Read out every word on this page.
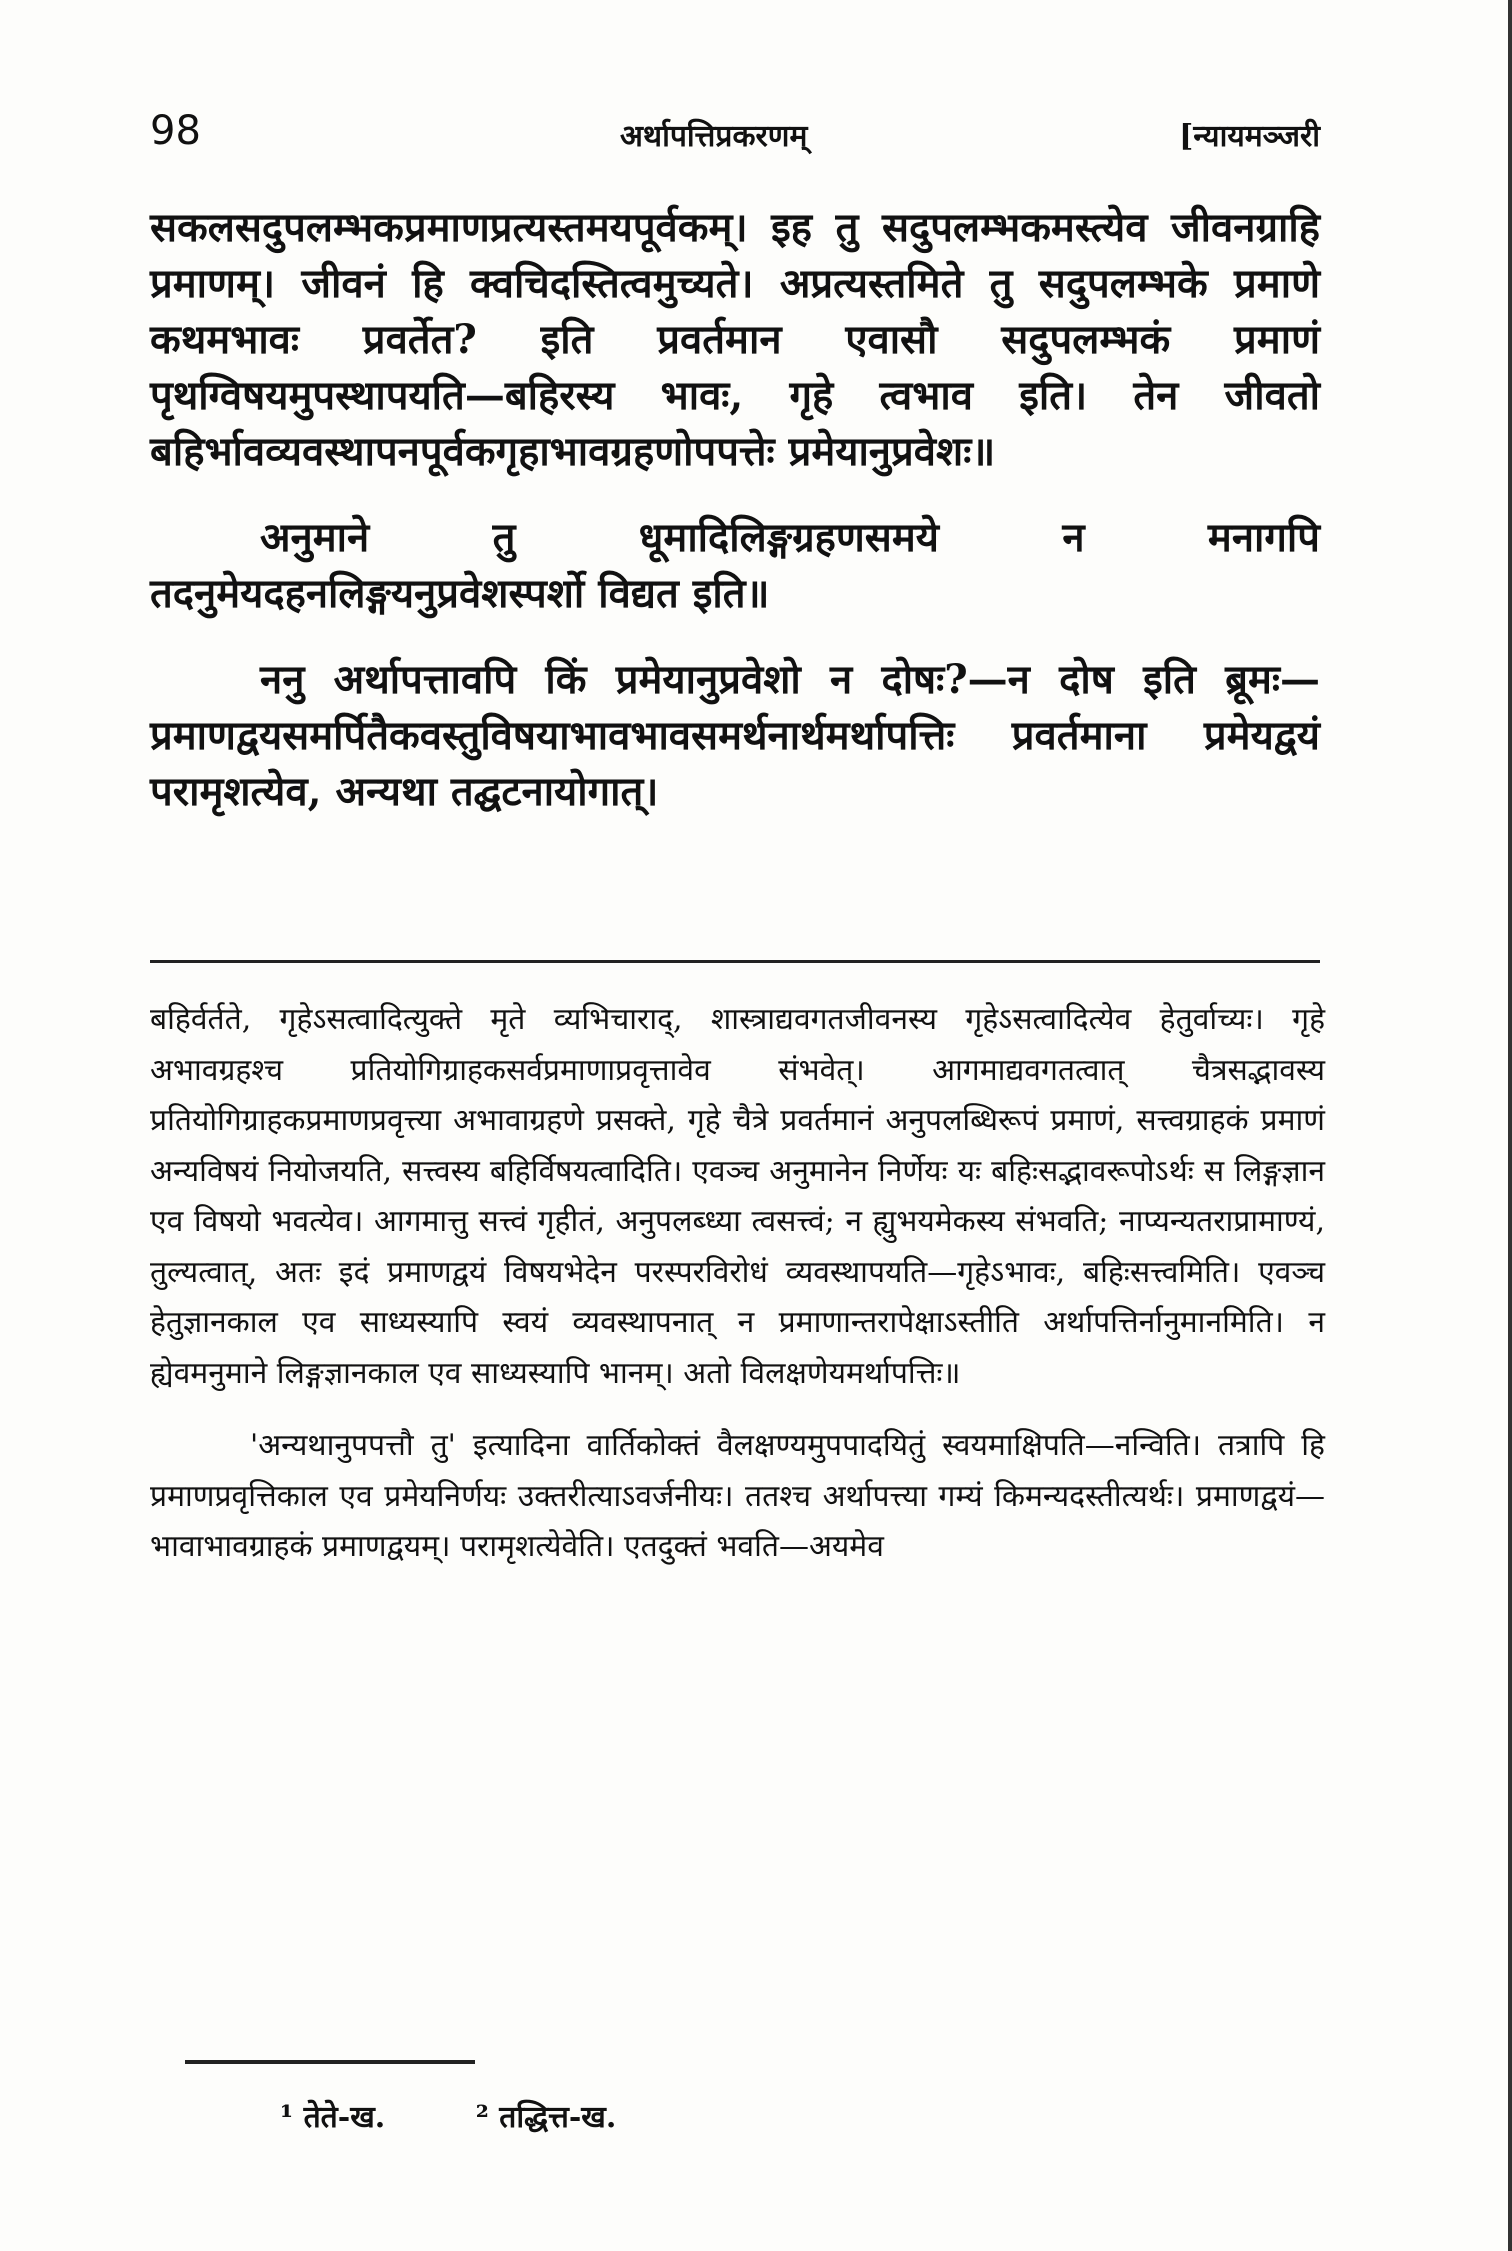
98	अर्थापत्तिप्रकरणम्	[न्यायमञ्जरी

सकलसदुपलम्भकप्रमाणप्रत्यस्तमयपूर्वकम्। इह तु सदुपलम्भकमस्त्येव जीवनग्राहि प्रमाणम्। जीवनं हि क्वचिदस्तित्वमुच्यते। अप्रत्यस्तमिते तु सदुपलम्भके प्रमाणे कथमभावः प्रवर्तेत? इति प्रवर्तमान एवासौ सदुपलम्भकं प्रमाणं पृथग्विषयमुपस्थापयति—बहिरस्य भावः, गृहे त्वभाव इति। तेन जीवतो बहिर्भावव्यवस्थापनपूर्वकगृहाभावग्रहणोपपत्तेः प्रमेयानुप्रवेशः॥

अनुमाने तु धूमादिलिङ्गग्रहणसमये न मनागपि तदनुमेयदहनलिङ्गयनुप्रवेशस्पर्शो विद्यत इति॥

ननु अर्थापत्तावपि किं प्रमेयानुप्रवेशो न दोषः?—न दोष इति ब्रूमः—प्रमाणद्वयसमर्पितैकवस्तुविषयाभावभावसमर्थनार्थमर्थापत्तिः प्रवर्तमाना प्रमेयद्वयं परामृशत्येव, अन्यथा तद्घटनायोगात्।

बहिर्वर्तते, गृहेऽसत्वादित्युक्ते मृते व्यभिचाराद्, शास्त्राद्यवगतजीवनस्य गृहेऽसत्वादित्येव हेतुर्वाच्यः। गृहे अभावग्रहश्च प्रतियोगिग्राहकसर्वप्रमाणाप्रवृत्तावेव संभवेत्। आगमाद्यवगतत्वात् चैत्रसद्भावस्य प्रतियोगिग्राहकप्रमाणप्रवृत्त्या अभावाग्रहणे प्रसक्ते, गृहे चैत्रे प्रवर्तमानं अनुपलब्धिरूपं प्रमाणं, सत्त्वग्राहकं प्रमाणं अन्यविषयं नियोजयति, सत्त्वस्य बहिर्विषयत्वादिति। एवञ्च अनुमानेन निर्णेयः यः बहिःसद्भावरूपोऽर्थः स लिङ्गज्ञान एव विषयो भवत्येव। आगमात्तु सत्त्वं गृहीतं, अनुपलब्ध्या त्वसत्त्वं; न ह्युभयमेकस्य संभवति; नाप्यन्यतराप्रामाण्यं, तुल्यत्वात्, अतः इदं प्रमाणद्वयं विषयभेदेन परस्परविरोधं व्यवस्थापयति—गृहेऽभावः, बहिःसत्त्वमिति। एवञ्च हेतुज्ञानकाल एव साध्यस्यापि स्वयं व्यवस्थापनात् न प्रमाणान्तरापेक्षाऽस्तीति अर्थापत्तिर्नानुमानमिति। न ह्येवमनुमाने लिङ्गज्ञानकाल एव साध्यस्यापि भानम्। अतो विलक्षणेयमर्थापत्तिः॥

'अन्यथानुपपत्तौ तु' इत्यादिना वार्तिकोक्तं वैलक्षण्यमुपपादयितुं स्वयमाक्षिपति—नन्विति। तत्रापि हि प्रमाणप्रवृत्तिकाल एव प्रमेयनिर्णयः उक्तरीत्याऽवर्जनीयः। ततश्च अर्थापत्त्या गम्यं किमन्यदस्तीत्यर्थः। प्रमाणद्वयं—भावाभावग्राहकं प्रमाणद्वयम्। परामृशत्येवेति। एतदुक्तं भवति—अयमेव

¹ तेते-ख.	² तद्धित्त-ख.
